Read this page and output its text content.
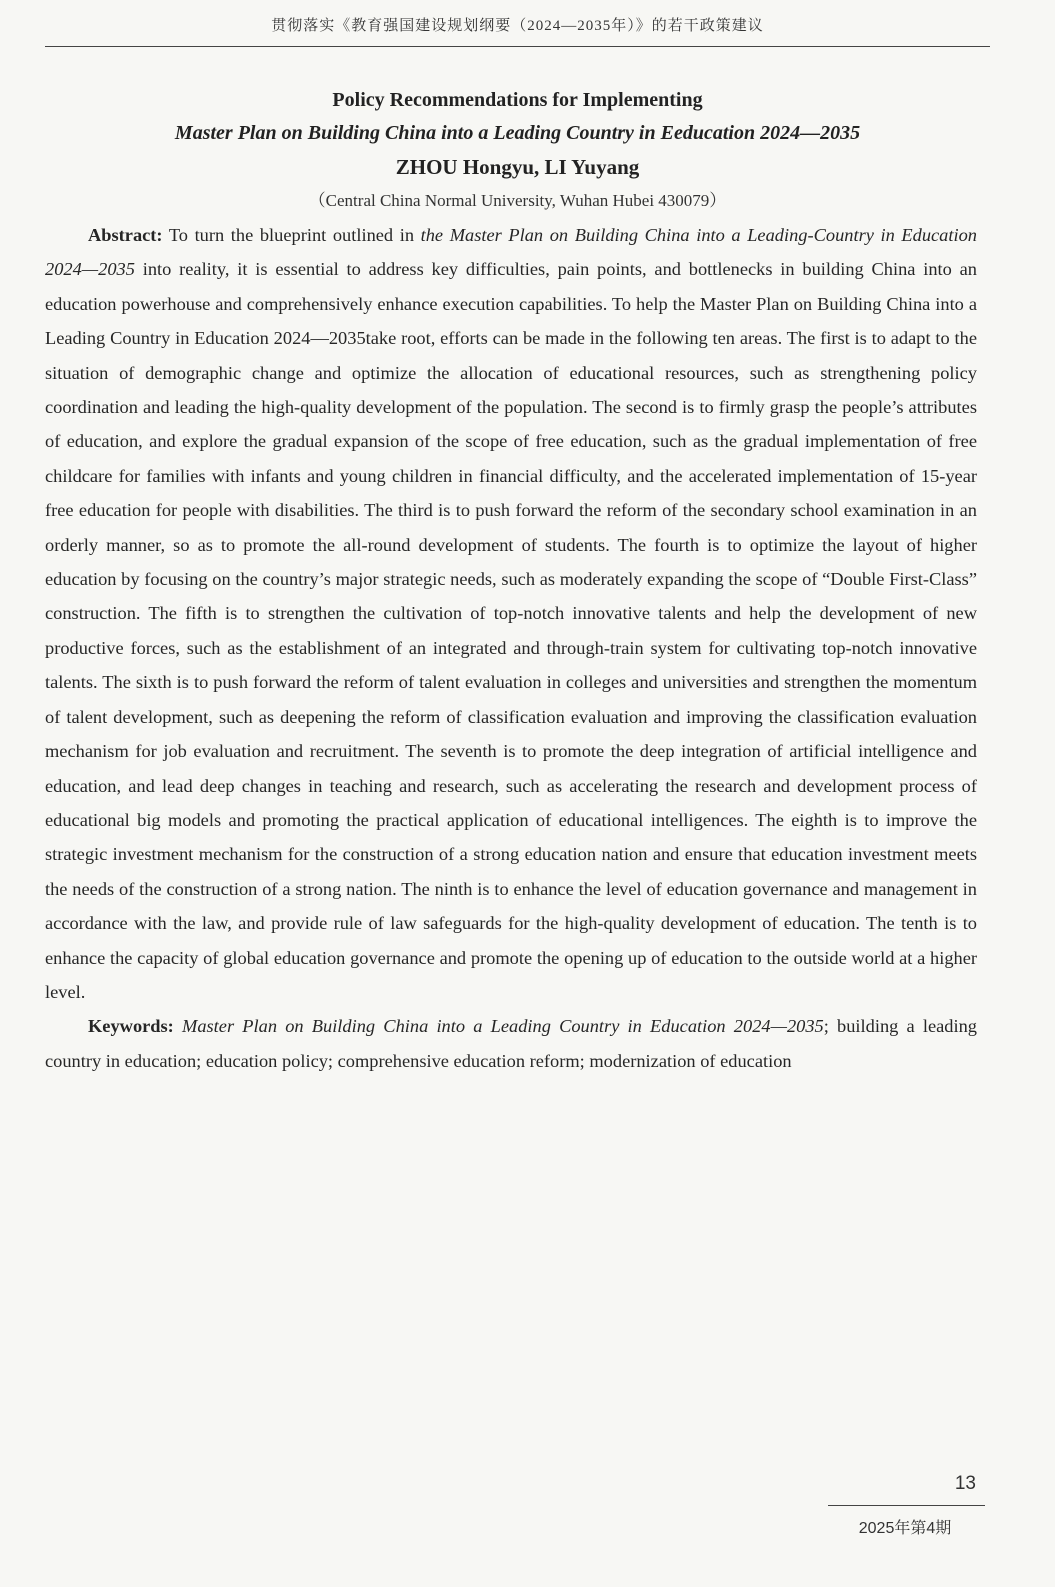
贯彻落实《教育强国建设规划纲要（2024—2035年）》的若干政策建议
Policy Recommendations for Implementing
Master Plan on Building China into a Leading Country in Eeducation 2024—2035
ZHOU Hongyu, LI Yuyang
（Central China Normal University, Wuhan Hubei 430079）

Abstract: To turn the blueprint outlined in the Master Plan on Building China into a Leading-Country in Education 2024—2035 into reality, it is essential to address key difficulties, pain points, and bottlenecks in building China into an education powerhouse and comprehensively enhance execution capabilities. To help the Master Plan on Building China into a Leading Country in Education 2024—2035take root, efforts can be made in the following ten areas. The first is to adapt to the situation of demographic change and optimize the allocation of educational resources, such as strengthening policy coordination and leading the high-quality development of the population. The second is to firmly grasp the people’s attributes of education, and explore the gradual expansion of the scope of free education, such as the gradual implementation of free childcare for families with infants and young children in financial difficulty, and the accelerated implementation of 15-year free education for people with disabilities. The third is to push forward the reform of the secondary school examination in an orderly manner, so as to promote the all-round development of students. The fourth is to optimize the layout of higher education by focusing on the country’s major strategic needs, such as moderately expanding the scope of “Double First-Class” construction. The fifth is to strengthen the cultivation of top-notch innovative talents and help the development of new productive forces, such as the establishment of an integrated and through-train system for cultivating top-notch innovative talents. The sixth is to push forward the reform of talent evaluation in colleges and universities and strengthen the momentum of talent development, such as deepening the reform of classification evaluation and improving the classification evaluation mechanism for job evaluation and recruitment. The seventh is to promote the deep integration of artificial intelligence and education, and lead deep changes in teaching and research, such as accelerating the research and development process of educational big models and promoting the practical application of educational intelligences. The eighth is to improve the strategic investment mechanism for the construction of a strong education nation and ensure that education investment meets the needs of the construction of a strong nation. The ninth is to enhance the level of education governance and management in accordance with the law, and provide rule of law safeguards for the high-quality development of education. The tenth is to enhance the capacity of global education governance and promote the opening up of education to the outside world at a higher level.

Keywords: Master Plan on Building China into a Leading Country in Education 2024—2035; building a leading country in education; education policy; comprehensive education reform; modernization of education

13
2025年第4期
